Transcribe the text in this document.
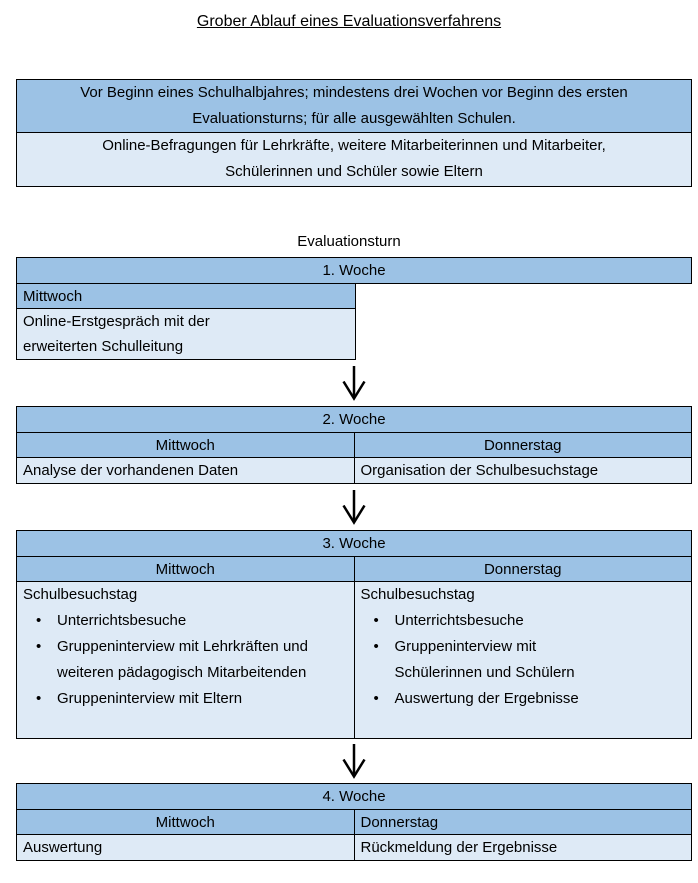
Grober Ablauf eines Evaluationsverfahrens

Vor Beginn eines Schulhalbjahres; mindestens drei Wochen vor Beginn des ersten Evaluationsturns; für alle ausgewählten Schulen.

Online-Befragungen für Lehrkräfte, weitere Mitarbeiterinnen und Mitarbeiter, Schülerinnen und Schüler sowie Eltern

Evaluationsturn
1. Woche
Mittwoch
Online-Erstgespräch mit der erweiterten Schulleitung
2. Woche
Mittwoch
Analyse der vorhandenen Daten
Donnerstag
Organisation der Schulbesuchstage
3. Woche
Mittwoch
Schulbesuchstag
• Unterrichtsbesuche
• Gruppeninterview mit Lehrkräften und weiteren pädagogisch Mitarbeitenden
• Gruppeninterview mit Eltern
Donnerstag
Schulbesuchstag
• Unterrichtsbesuche
• Gruppeninterview mit Schülerinnen und Schülern
• Auswertung der Ergebnisse
4. Woche
Mittwoch
Auswertung
Donnerstag
Rückmeldung der Ergebnisse
